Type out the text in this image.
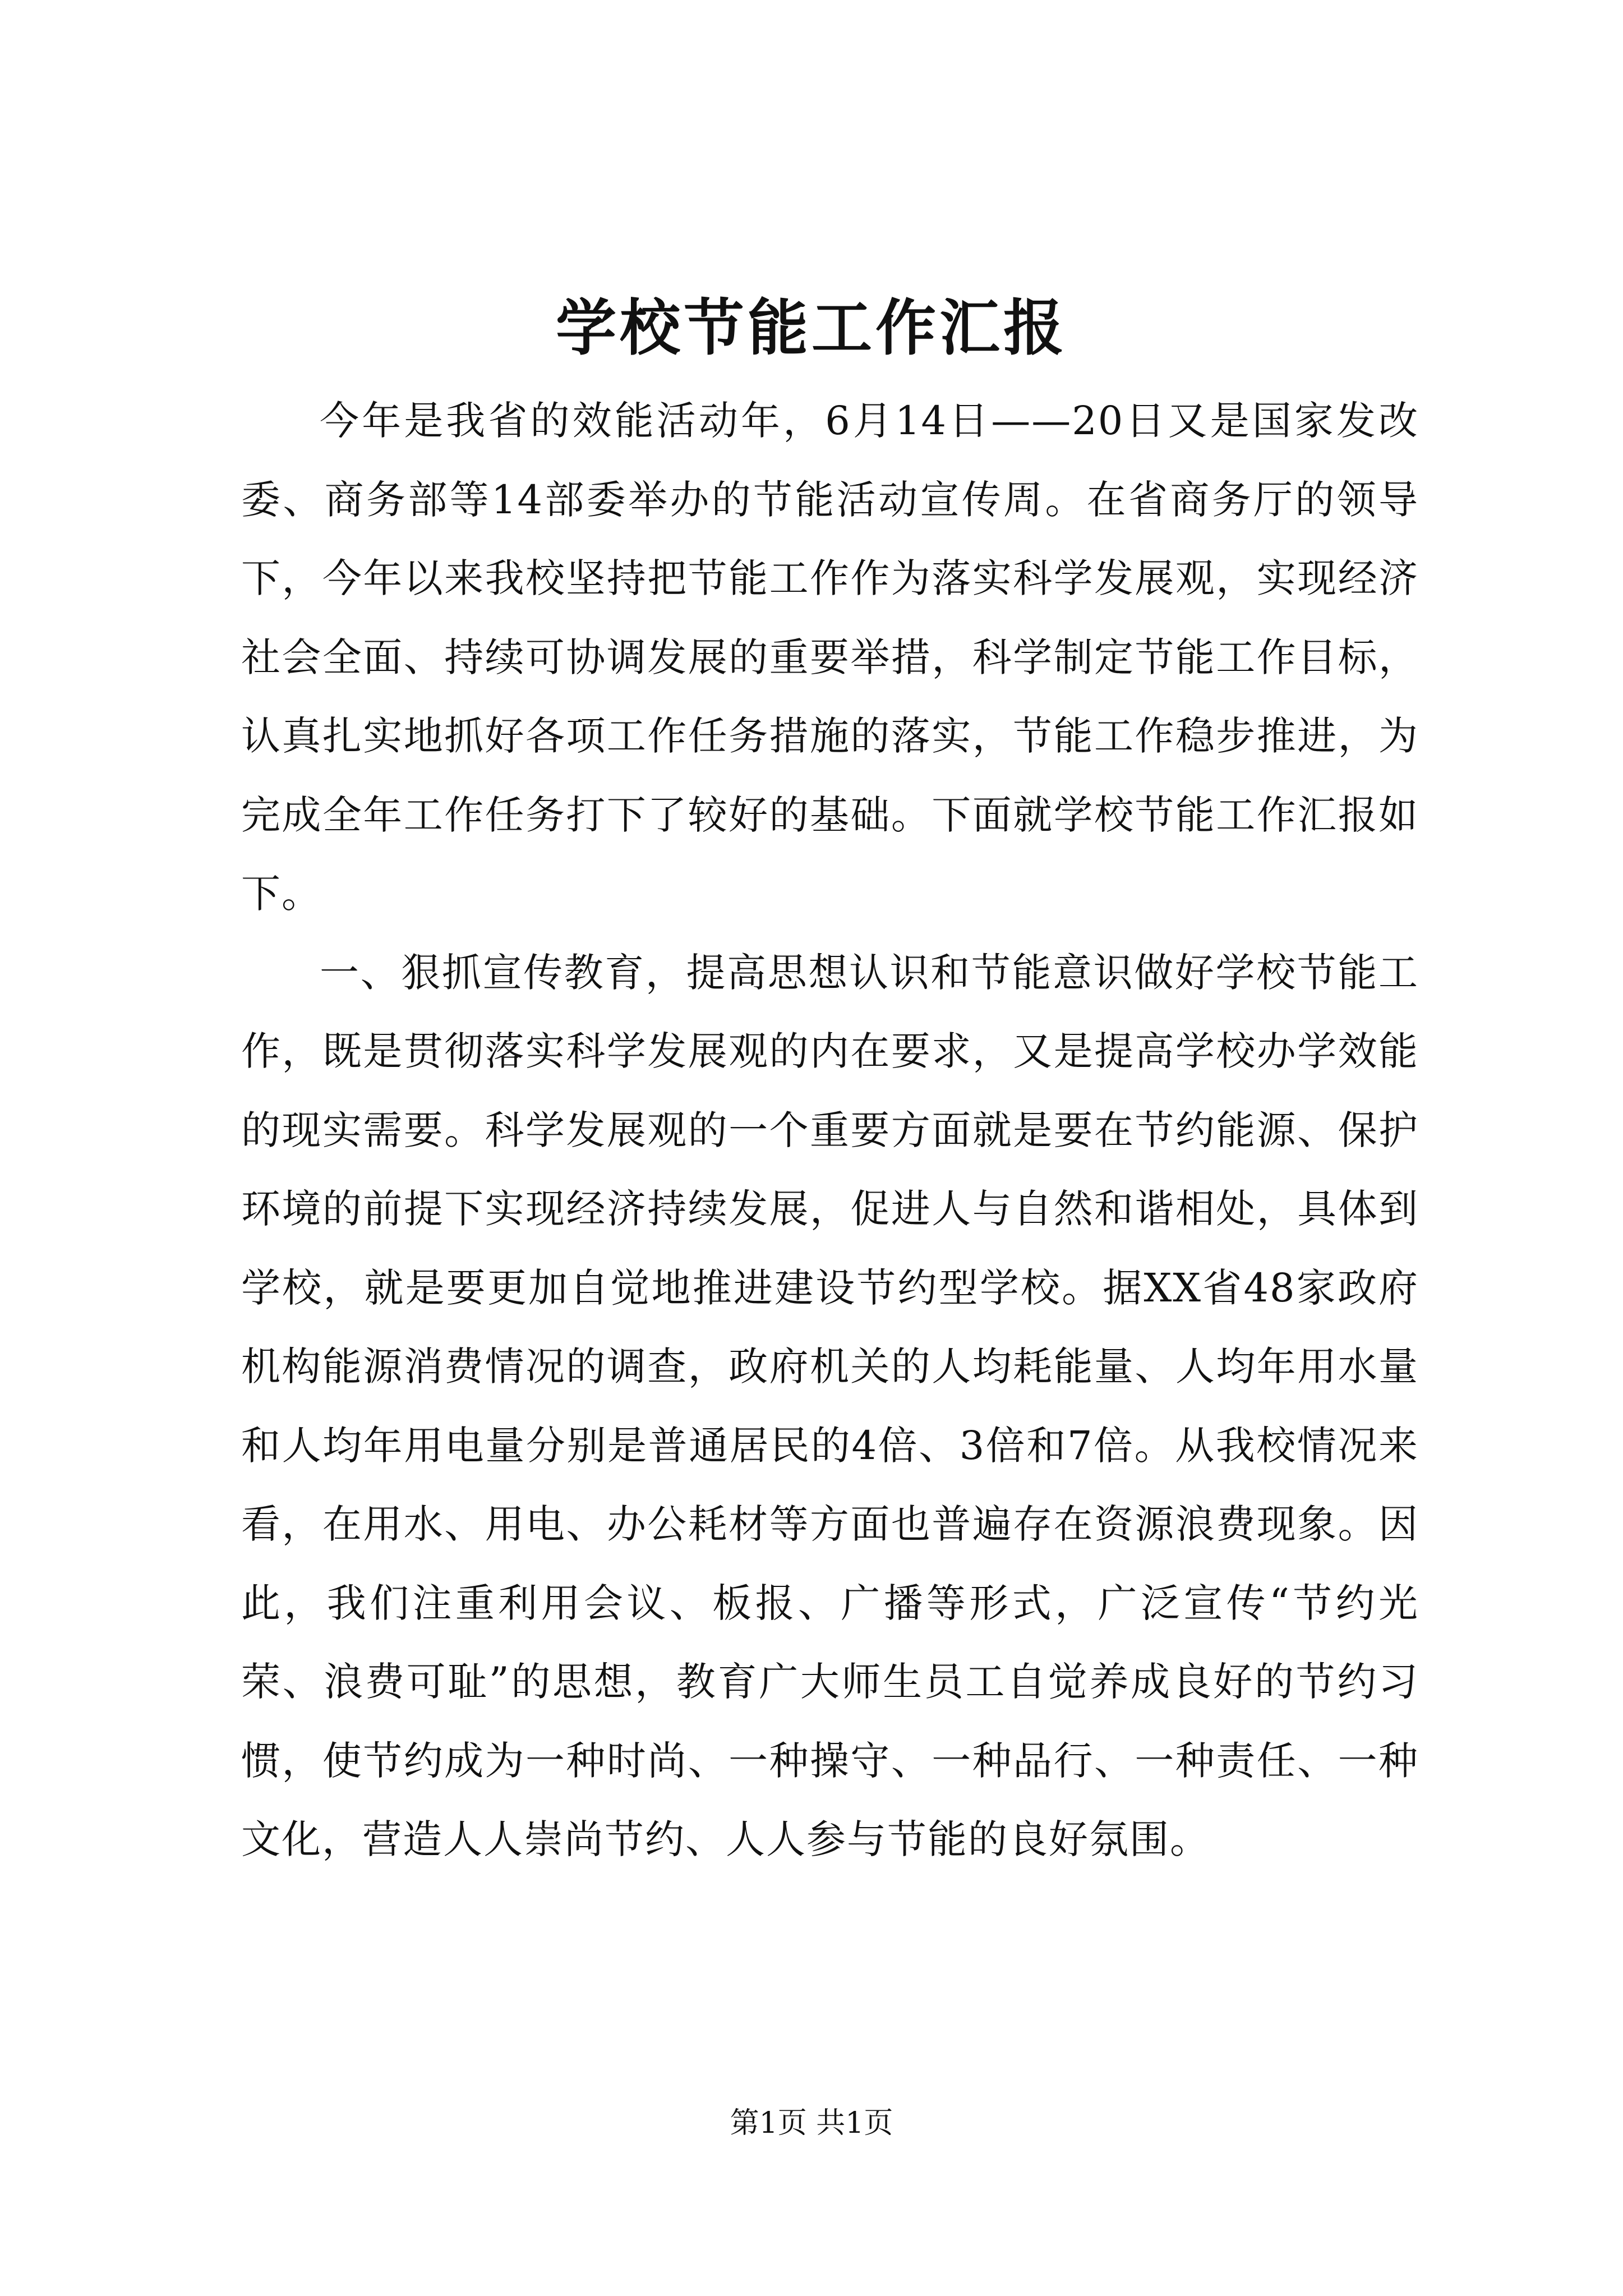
学校节能工作汇报

今年是我省的效能活动年，6月14日——20日又是国家发改委、商务部等14部委举办的节能活动宣传周。在省商务厅的领导下，今年以来我校坚持把节能工作作为落实科学发展观，实现经济社会全面、持续可协调发展的重要举措，科学制定节能工作目标，认真扎实地抓好各项工作任务措施的落实，节能工作稳步推进，为完成全年工作任务打下了较好的基础。下面就学校节能工作汇报如下。

一、狠抓宣传教育，提高思想认识和节能意识做好学校节能工作，既是贯彻落实科学发展观的内在要求，又是提高学校办学效能的现实需要。科学发展观的一个重要方面就是要在节约能源、保护环境的前提下实现经济持续发展，促进人与自然和谐相处，具体到学校，就是要更加自觉地推进建设节约型学校。据XX省48家政府机构能源消费情况的调查，政府机关的人均耗能量、人均年用水量和人均年用电量分别是普通居民的4倍、3倍和7倍。从我校情况来看，在用水、用电、办公耗材等方面也普遍存在资源浪费现象。因此，我们注重利用会议、板报、广播等形式，广泛宣传“节约光荣、浪费可耻”的思想，教育广大师生员工自觉养成良好的节约习惯，使节约成为一种时尚、一种操守、一种品行、一种责任、一种文化，营造人人崇尚节约、人人参与节能的良好氛围。

第1页 共1页
